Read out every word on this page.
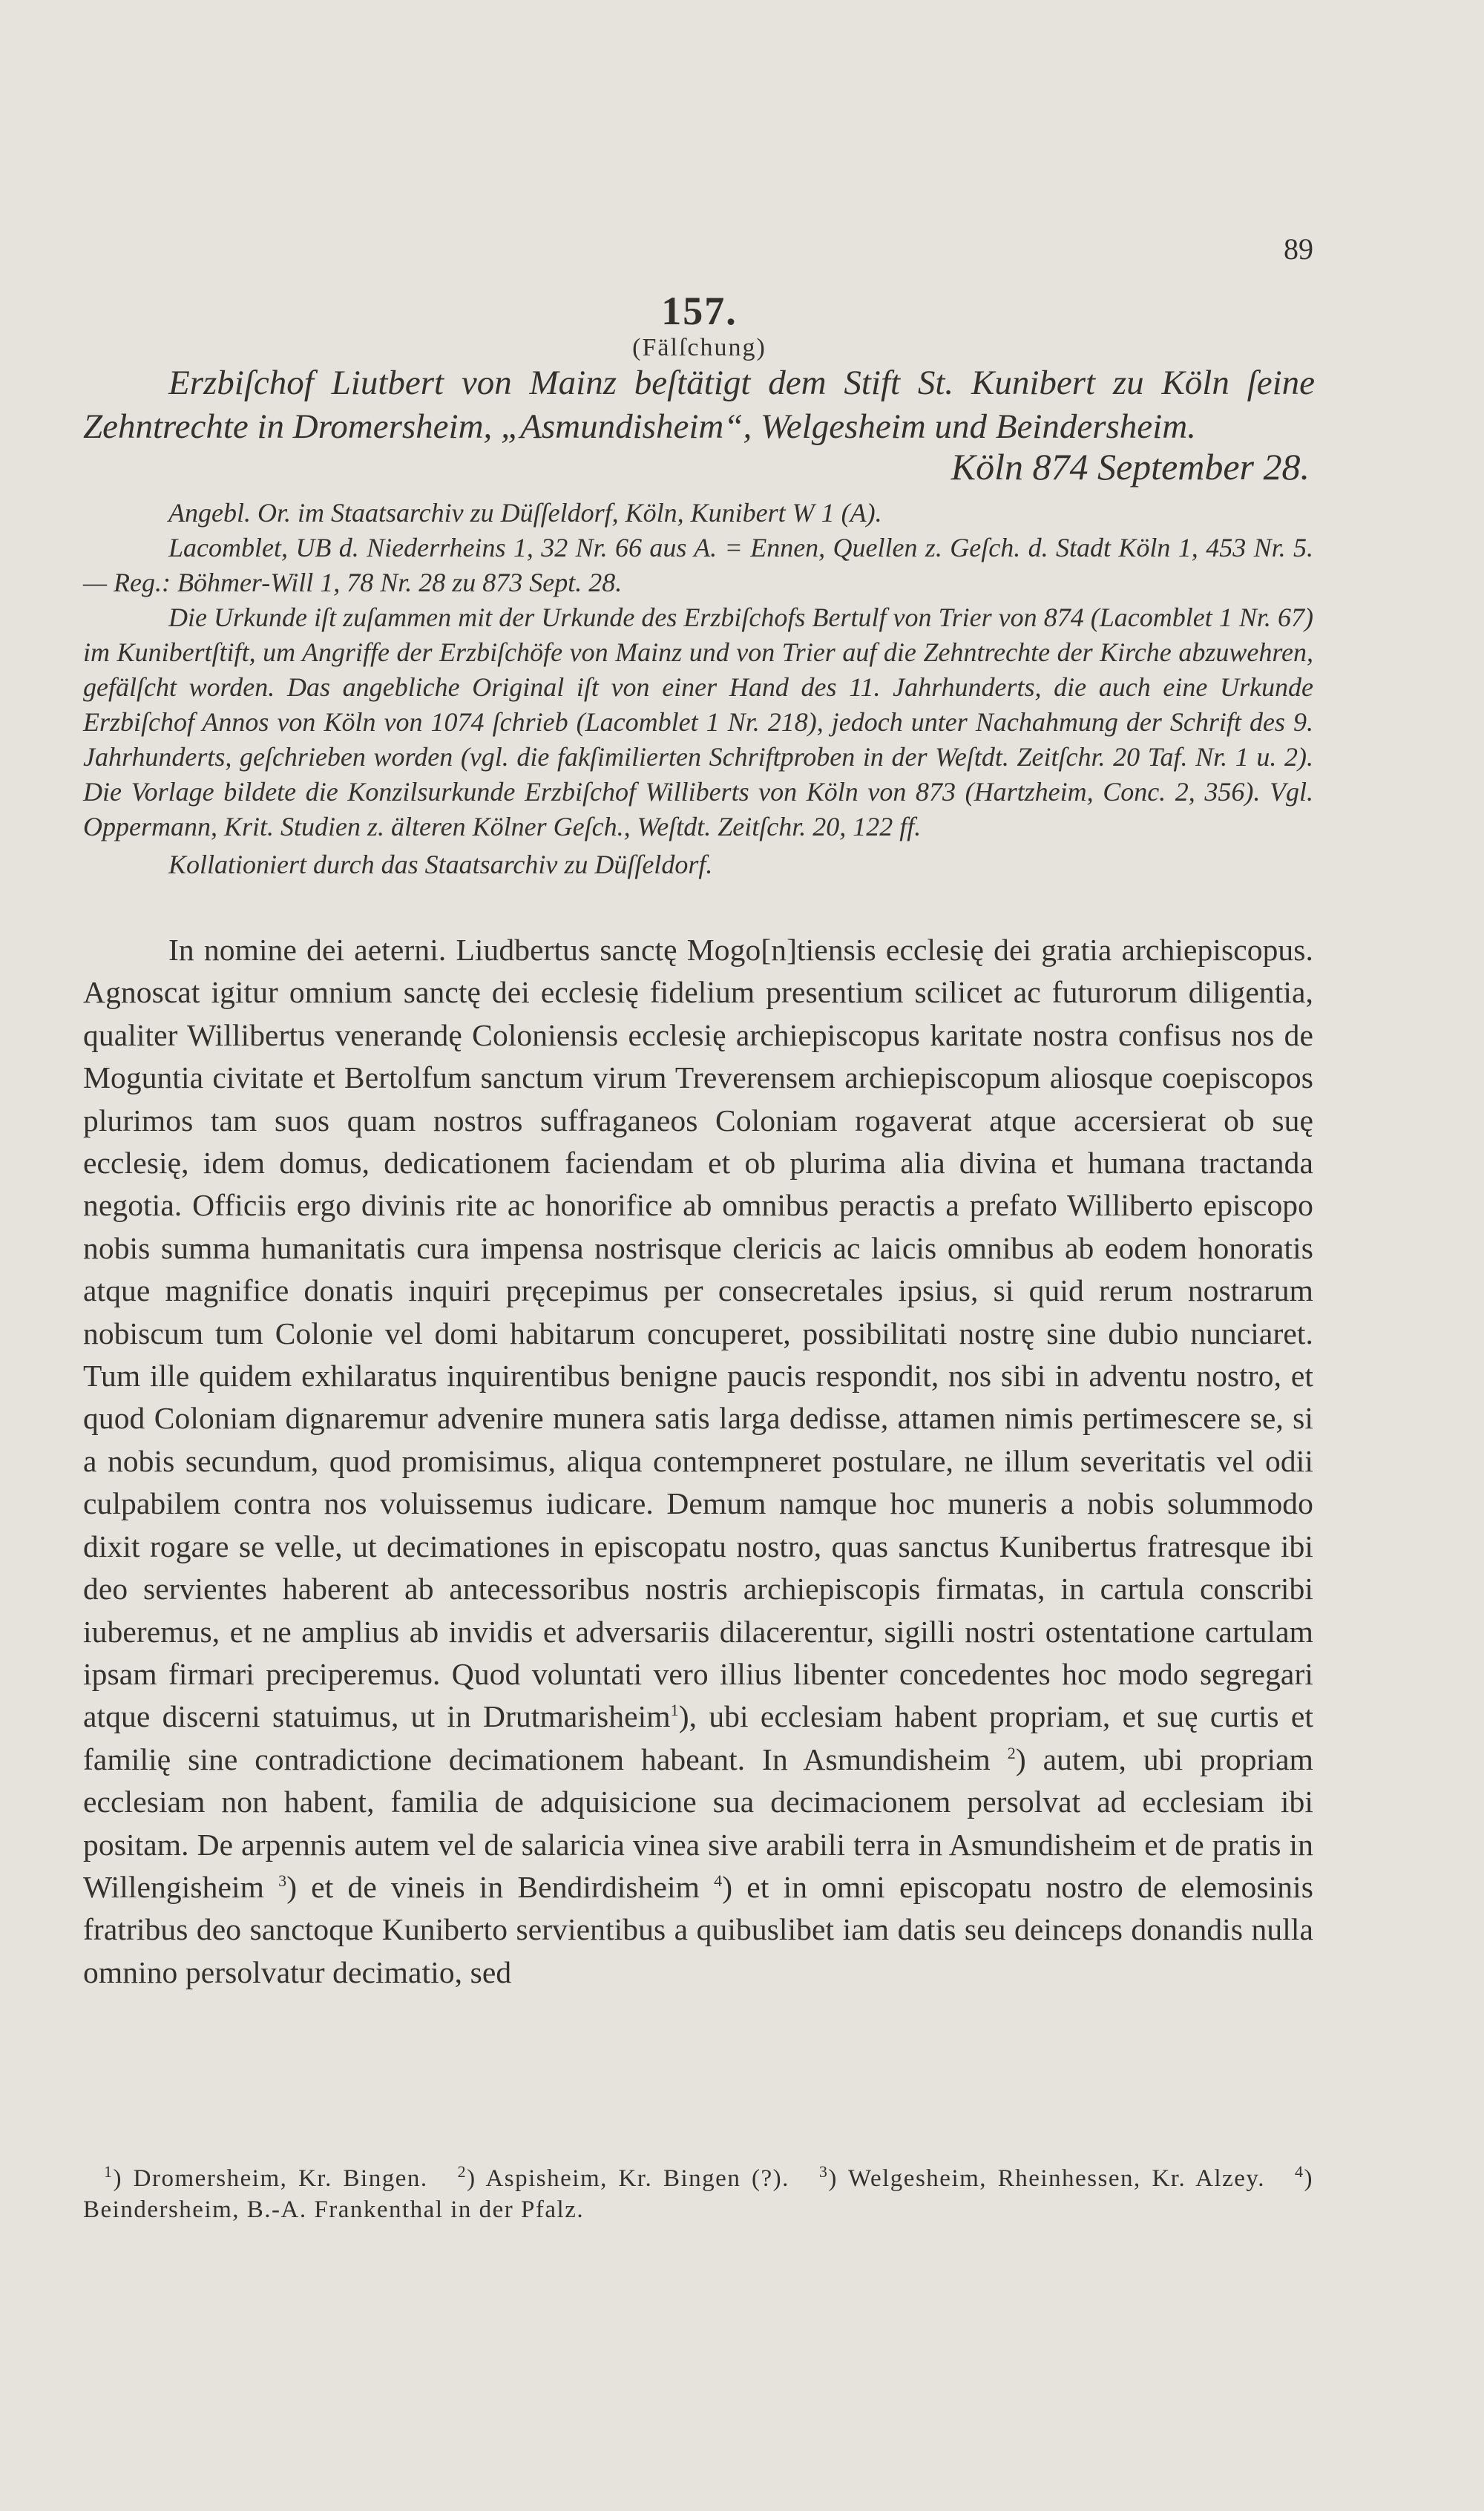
89
157.
(Fälſchung)

Erzbiſchof Liutbert von Mainz beſtätigt dem Stift St. Kunibert zu Köln ſeine Zehntrechte in Dromersheim, „Asmundisheim“, Welgesheim und Beindersheim.

Köln 874 September 28.

Angebl. Or. im Staatsarchiv zu Düſſeldorf, Köln, Kunibert W 1 (A).

Lacomblet, UB d. Niederrheins 1, 32 Nr. 66 aus A. = Ennen, Quellen z. Geſch. d. Stadt Köln 1, 453 Nr. 5. — Reg.: Böhmer-Will 1, 78 Nr. 28 zu 873 Sept. 28.

Die Urkunde iſt zuſammen mit der Urkunde des Erzbiſchofs Bertulf von Trier von 874 (Lacomblet 1 Nr. 67) im Kunibertſtift, um Angriffe der Erzbiſchöfe von Mainz und von Trier auf die Zehntrechte der Kirche abzuwehren, gefälſcht worden. Das angebliche Original iſt von einer Hand des 11. Jahrhunderts, die auch eine Urkunde Erzbiſchof Annos von Köln von 1074 ſchrieb (Lacomblet 1 Nr. 218), jedoch unter Nachahmung der Schrift des 9. Jahrhunderts, geſchrieben worden (vgl. die fakſimilierten Schriftproben in der Weſtdt. Zeitſchr. 20 Taf. Nr. 1 u. 2). Die Vorlage bildete die Konzilsurkunde Erzbiſchof Williberts von Köln von 873 (Hartzheim, Conc. 2, 356). Vgl. Oppermann, Krit. Studien z. älteren Kölner Geſch., Weſtdt. Zeitſchr. 20, 122 ff.

Kollationiert durch das Staatsarchiv zu Düſſeldorf.

In nomine dei aeterni. Liudbertus sanctę Mogo[n]tiensis ecclesię dei gratia archiepiscopus. Agnoscat igitur omnium sanctę dei ecclesię fidelium presentium scilicet ac futurorum diligentia, qualiter Willibertus venerandę Coloniensis ecclesię archiepiscopus karitate nostra confisus nos de Moguntia civitate et Bertolfum sanctum virum Treverensem archiepiscopum aliosque coepiscopos plurimos tam suos quam nostros suffraganeos Coloniam rogaverat atque accersierat ob suę ecclesię, idem domus, dedicationem faciendam et ob plurima alia divina et humana tractanda negotia. Officiis ergo divinis rite ac honorifice ab omnibus peractis a prefato Williberto episcopo nobis summa humanitatis cura impensa nostrisque clericis ac laicis omnibus ab eodem honoratis atque magnifice donatis inquiri pręcepimus per consecretales ipsius, si quid rerum nostrarum nobiscum tum Colonie vel domi habitarum concuperet, possibilitati nostrę sine dubio nunciaret. Tum ille quidem exhilaratus inquirentibus benigne paucis respondit, nos sibi in adventu nostro, et quod Coloniam dignaremur advenire munera satis larga dedisse, attamen nimis pertimescere se, si a nobis secundum, quod promisimus, aliqua contempneret postulare, ne illum severitatis vel odii culpabilem contra nos voluissemus iudicare. Demum namque hoc muneris a nobis solummodo dixit rogare se velle, ut decimationes in episcopatu nostro, quas sanctus Kunibertus fratresque ibi deo servientes haberent ab antecessoribus nostris archiepiscopis firmatas, in cartula conscribi iuberemus, et ne amplius ab invidis et adversariis dilacerentur, sigilli nostri ostentatione cartulam ipsam firmari preciperemus. Quod voluntati vero illius libenter concedentes hoc modo segregari atque discerni statuimus, ut in Drutmarisheim$^1$), ubi ecclesiam habent propriam, et suę curtis et familię sine contradictione decimationem habeant. In Asmundisheim $^2$) autem, ubi propriam ecclesiam non habent, familia de adquisicione sua decimacionem persolvat ad ecclesiam ibi positam. De arpennis autem vel de salaricia vinea sive arabili terra in Asmundisheim et de pratis in Willengisheim $^3$) et de vineis in Bendirdisheim $^4$) et in omni episcopatu nostro de elemosinis fratribus deo sanctoque Kuniberto servientibus a quibuslibet iam datis seu deinceps donandis nulla omnino persolvatur decimatio, sed

$^1$) Dromersheim, Kr. Bingen. $^2$) Aspisheim, Kr. Bingen (?). $^3$) Welgesheim, Rheinhessen, Kr. Alzey. $^4$) Beindersheim, B.-A. Frankenthal in der Pfalz.
